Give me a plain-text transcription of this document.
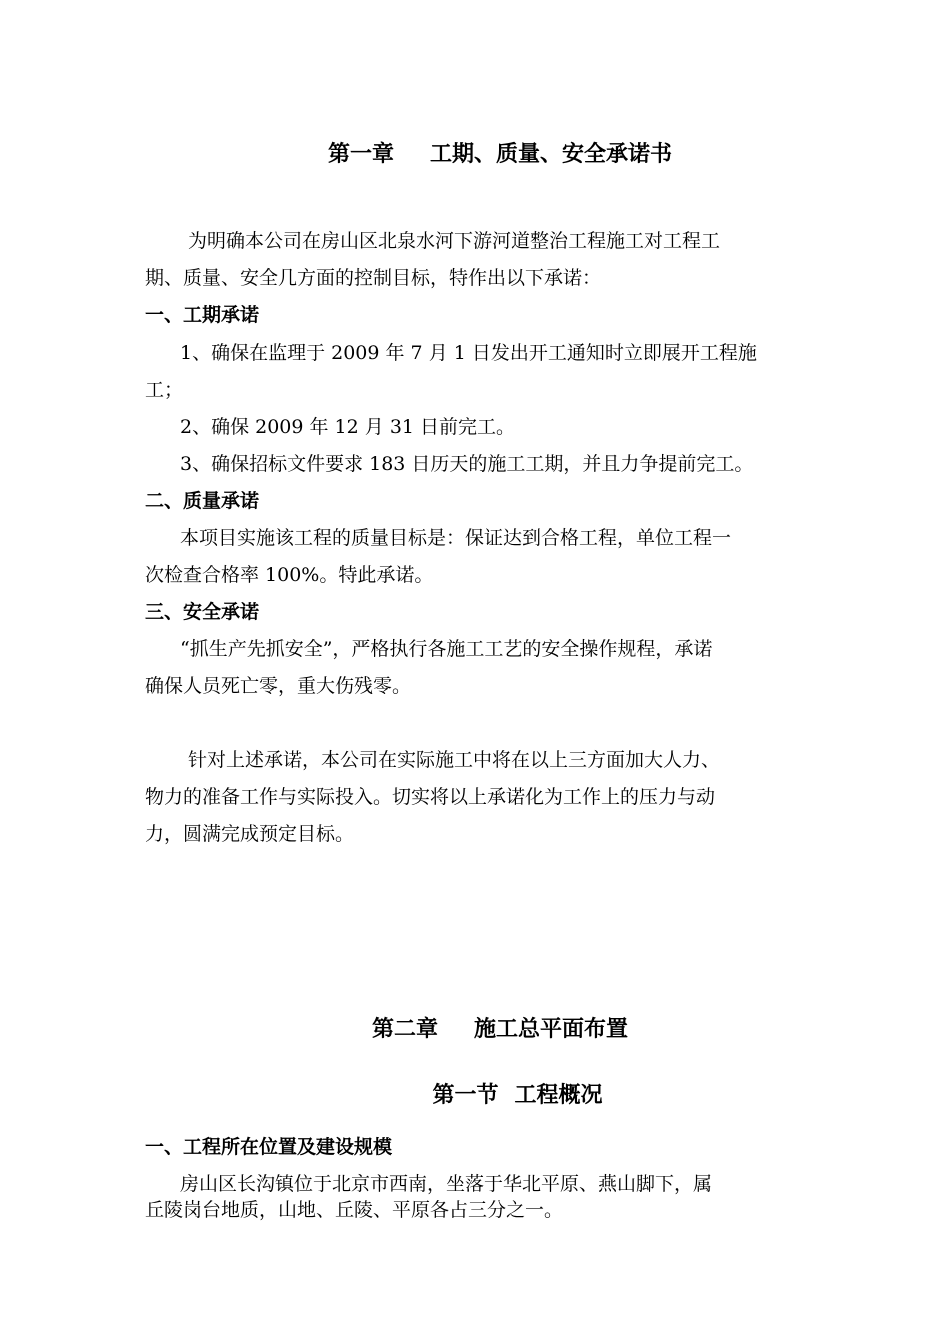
第一章 工期、质量、安全承诺书
为明确本公司在房山区北泉水河下游河道整治工程施工对工程工
期、质量、安全几方面的控制目标，特作出以下承诺：
一、工期承诺
1、确保在监理于 2009 年 7 月 1 日发出开工通知时立即展开工程施
工；
2、确保 2009 年 12 月 31 日前完工。
3、确保招标文件要求 183 日历天的施工工期，并且力争提前完工。
二、质量承诺
本项目实施该工程的质量目标是：保证达到合格工程，单位工程一
次检查合格率 100%。特此承诺。
三、安全承诺
“抓生产先抓安全”，严格执行各施工工艺的安全操作规程，承诺
确保人员死亡零，重大伤残零。
针对上述承诺，本公司在实际施工中将在以上三方面加大人力、
物力的准备工作与实际投入。切实将以上承诺化为工作上的压力与动
力，圆满完成预定目标。
第二章 施工总平面布置
第一节 工程概况
一、工程所在位置及建设规模
房山区长沟镇位于北京市西南，坐落于华北平原、燕山脚下，属
丘陵岗台地质，山地、丘陵、平原各占三分之一。
